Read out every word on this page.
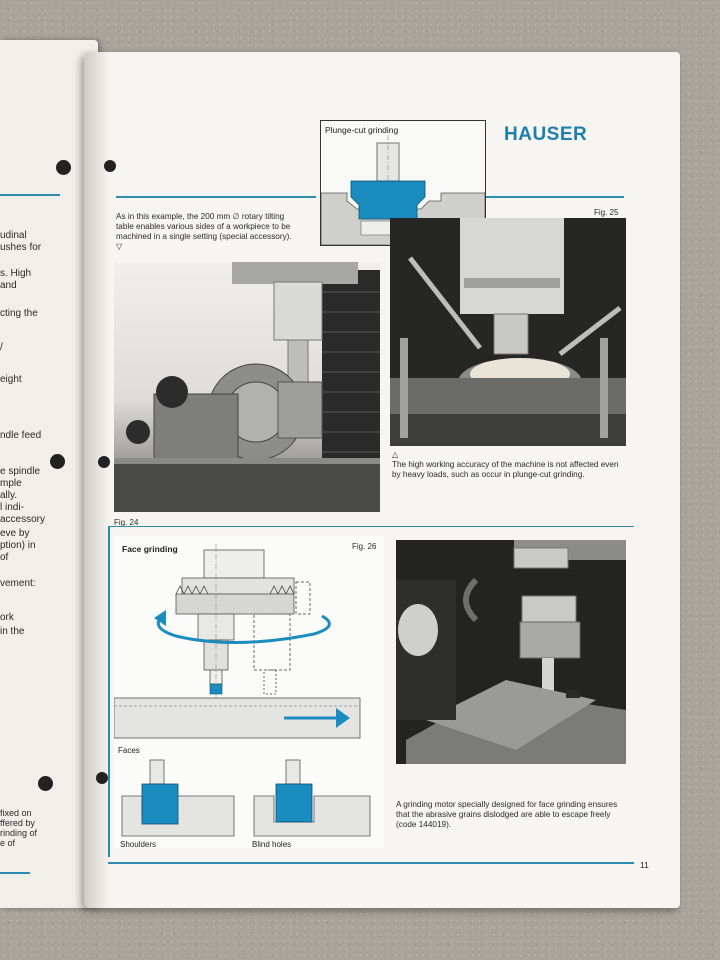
udinal
ushes for
s. High
and
cting the
/
eight
ndle feed
e spindle
mple
ally.
l indi-
accessory
eve by
ption) in
of
vement:
ork
in the
fixed on
ffered by
rinding of
e of
HAUSER
Plunge-cut grinding
As in this example, the 200 mm ∅ rotary tilting table enables various sides of a workpiece to be machined in a single setting (special accessory).
▽
Fig. 24
Fig. 25
△
The high working accuracy of the machine is not affected even by heavy loads, such as occur in plunge-cut grinding.
Face grinding	Fig. 26
Faces
Shoulders	Blind holes
A grinding motor specially designed for face grinding ensures that the abrasive grains dislodged are able to escape freely (code 144019).
11
